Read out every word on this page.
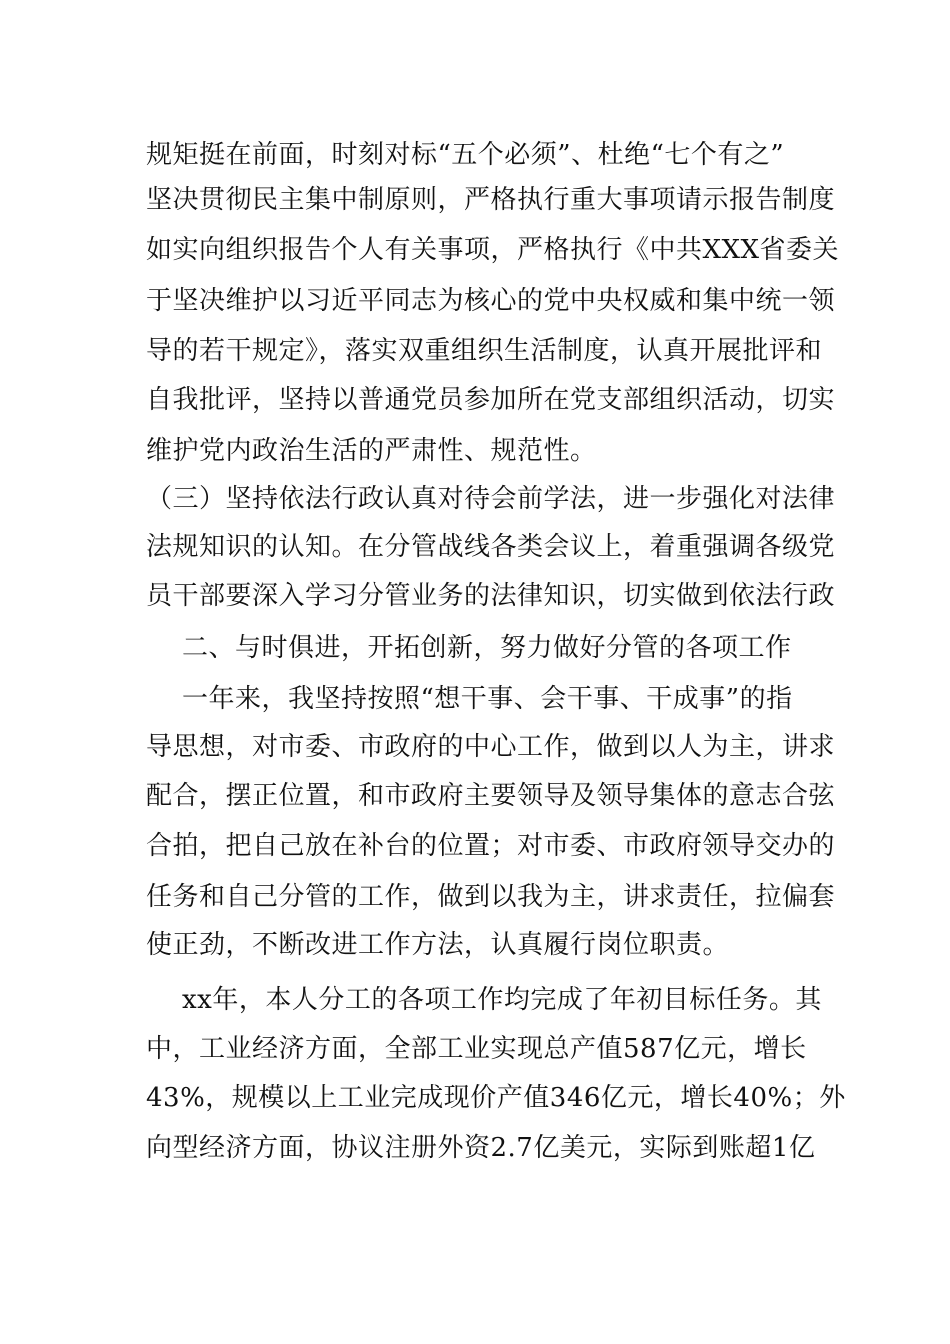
规矩挺在前面，时刻对标“五个必须”、杜绝“七个有之”
坚决贯彻民主集中制原则，严格执行重大事项请示报告制度
如实向组织报告个人有关事项，严格执行《中共XXX省委关
于坚决维护以习近平同志为核心的党中央权威和集中统一领
导的若干规定》，落实双重组织生活制度，认真开展批评和
自我批评，坚持以普通党员参加所在党支部组织活动，切实
维护党内政治生活的严肃性、规范性。
（三）坚持依法行政认真对待会前学法，进一步强化对法律
法规知识的认知。在分管战线各类会议上，着重强调各级党
员干部要深入学习分管业务的法律知识，切实做到依法行政
二、与时俱进，开拓创新，努力做好分管的各项工作
一年来，我坚持按照“想干事、会干事、干成事”的指
导思想，对市委、市政府的中心工作，做到以人为主，讲求
配合，摆正位置，和市政府主要领导及领导集体的意志合弦
合拍，把自己放在补台的位置；对市委、市政府领导交办的
任务和自己分管的工作，做到以我为主，讲求责任，拉偏套
使正劲，不断改进工作方法，认真履行岗位职责。
xx年，本人分工的各项工作均完成了年初目标任务。其
中，工业经济方面，全部工业实现总产值587亿元，增长
43%，规模以上工业完成现价产值346亿元，增长40%；外
向型经济方面，协议注册外资2.7亿美元，实际到账超1亿
